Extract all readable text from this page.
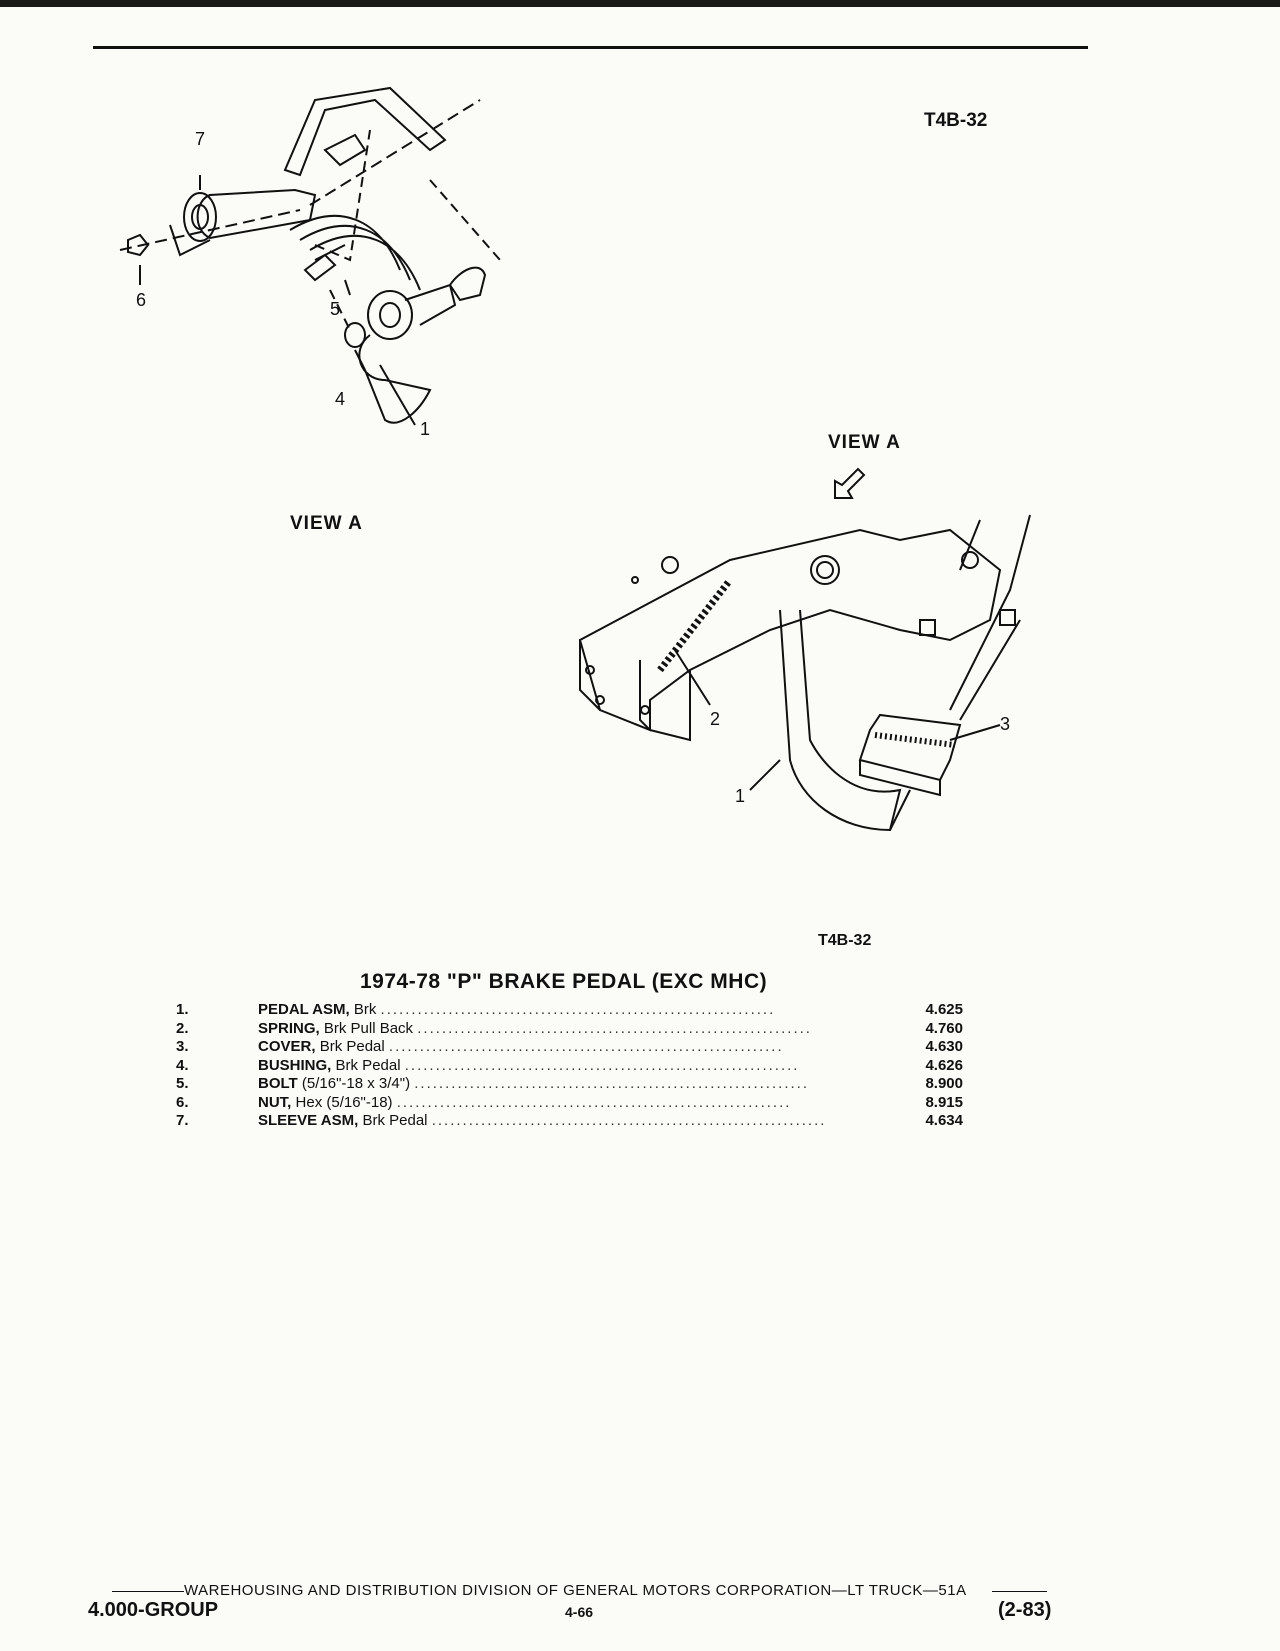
T4B-32
7
6	5
4
1
VIEW A
VIEW A
2	3
1
T4B-32
1974-78 "P" BRAKE PEDAL (EXC MHC)
1.	PEDAL ASM, Brk ................................................................	4.625
2.	SPRING, Brk Pull Back ................................................................	4.760
3.	COVER, Brk Pedal ................................................................	4.630
4.	BUSHING, Brk Pedal ................................................................	4.626
5.	BOLT (5/16"-18 x 3/4") ................................................................	8.900
6.	NUT, Hex (5/16"-18) ................................................................	8.915
7.	SLEEVE ASM, Brk Pedal ................................................................	4.634
WAREHOUSING AND DISTRIBUTION DIVISION OF GENERAL MOTORS CORPORATION—LT TRUCK—51A
4.000-GROUP	4-66	(2-83)
